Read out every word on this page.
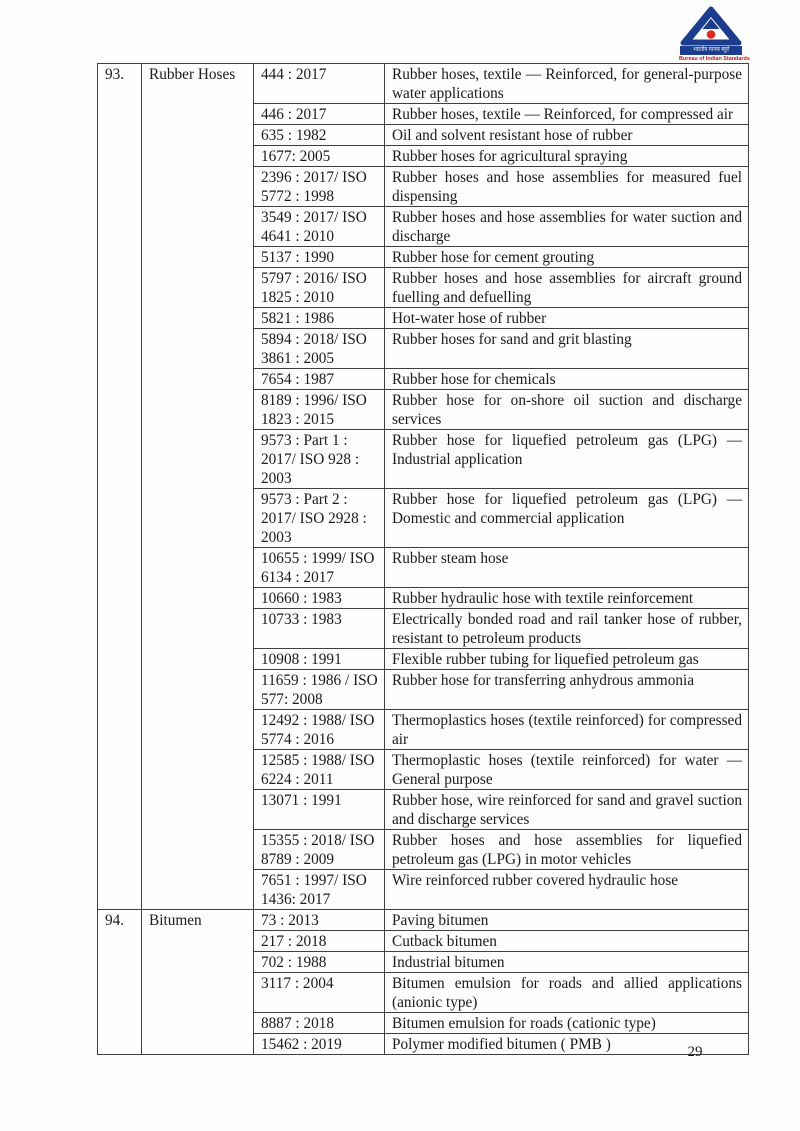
भारतीय मानक ब्यूरो
Bureau of Indian Standards
93.	Rubber Hoses	444 : 2017	Rubber hoses, textile — Reinforced, for general-purpose water applications
		446 : 2017	Rubber hoses, textile — Reinforced, for compressed air
		635 : 1982	Oil and solvent resistant hose of rubber
		1677: 2005	Rubber hoses for agricultural spraying
		2396 : 2017/ ISO 5772 : 1998	Rubber hoses and hose assemblies for measured fuel dispensing
		3549 : 2017/ ISO 4641 : 2010	Rubber hoses and hose assemblies for water suction and discharge
		5137 : 1990	Rubber hose for cement grouting
		5797 : 2016/ ISO 1825 : 2010	Rubber hoses and hose assemblies for aircraft ground fuelling and defuelling
		5821 : 1986	Hot-water hose of rubber
		5894 : 2018/ ISO 3861 : 2005	Rubber hoses for sand and grit blasting
		7654 : 1987	Rubber hose for chemicals
		8189 : 1996/ ISO 1823 : 2015	Rubber hose for on-shore oil suction and discharge services
		9573 : Part 1 : 2017/ ISO 928 : 2003	Rubber hose for liquefied petroleum gas (LPG) — Industrial application
		9573 : Part 2 : 2017/ ISO 2928 : 2003	Rubber hose for liquefied petroleum gas (LPG) — Domestic and commercial application
		10655 : 1999/ ISO 6134 : 2017	Rubber steam hose
		10660 : 1983	Rubber hydraulic hose with textile reinforcement
		10733 : 1983	Electrically bonded road and rail tanker hose of rubber, resistant to petroleum products
		10908 : 1991	Flexible rubber tubing for liquefied petroleum gas
		11659 : 1986 / ISO 577: 2008	Rubber hose for transferring anhydrous ammonia
		12492 : 1988/ ISO 5774 : 2016	Thermoplastics hoses (textile reinforced) for compressed air
		12585 : 1988/ ISO 6224 : 2011	Thermoplastic hoses (textile reinforced) for water — General purpose
		13071 : 1991	Rubber hose, wire reinforced for sand and gravel suction and discharge services
		15355 : 2018/ ISO 8789 : 2009	Rubber hoses and hose assemblies for liquefied petroleum gas (LPG) in motor vehicles
		7651 : 1997/ ISO 1436: 2017	Wire reinforced rubber covered hydraulic hose
94.	Bitumen	73 : 2013	Paving bitumen
		217 : 2018	Cutback bitumen
		702 : 1988	Industrial bitumen
		3117 : 2004	Bitumen emulsion for roads and allied applications (anionic type)
		8887 : 2018	Bitumen emulsion for roads (cationic type)
		15462 : 2019	Polymer modified bitumen ( PMB )	29
